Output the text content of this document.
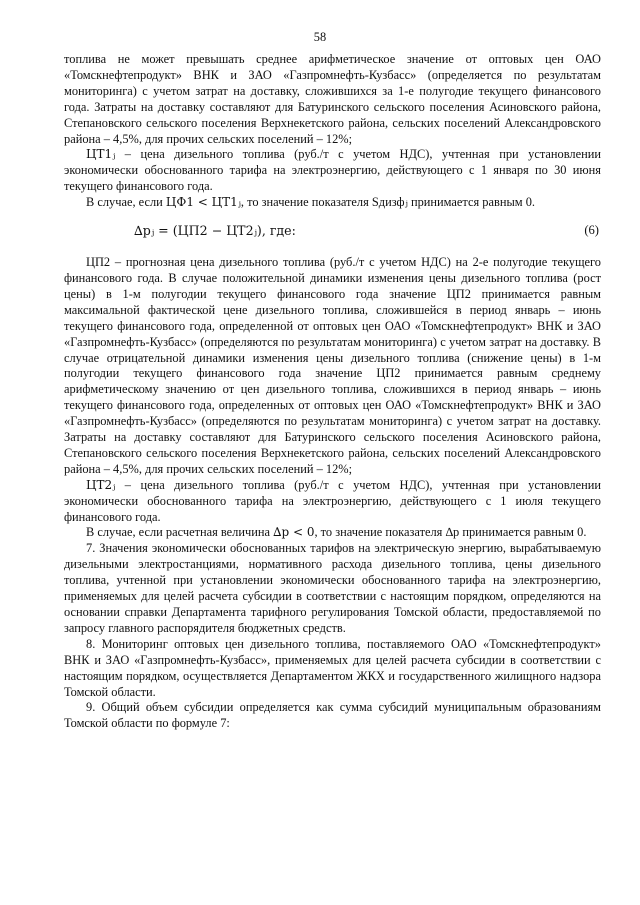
58

топлива не может превышать среднее арифметическое значение от оптовых цен ОАО «Томскнефтепродукт» ВНК и ЗАО «Газпромнефть-Кузбасс» (определяется по результатам мониторинга) с учетом затрат на доставку, сложившихся за 1-е полугодие текущего финансового года. Затраты на доставку составляют для Батуринского сельского поселения Асиновского района, Степановского сельского поселения Верхнекетского района, сельских поселений Александровского района – 4,5%, для прочих сельских поселений – 12%;

ЦТ1ⱼ – цена дизельного топлива (руб./т с учетом НДС), учтенная при установлении экономически обоснованного тарифа на электроэнергию, действующего с 1 января по 30 июня текущего финансового года.

В случае, если ЦФ1 < ЦТ1ⱼ, то значение показателя Sдизфⱼ принимается равным 0.

∆pⱼ = (ЦП2 − ЦТ2ⱼ), где:	(6)

ЦП2 – прогнозная цена дизельного топлива (руб./т с учетом НДС) на 2-е полугодие текущего финансового года. В случае положительной динамики изменения цены дизельного топлива (рост цены) в 1-м полугодии текущего финансового года значение ЦП2 принимается равным максимальной фактической цене дизельного топлива, сложившейся в период январь – июнь текущего финансового года, определенной от оптовых цен ОАО «Томскнефтепродукт» ВНК и ЗАО «Газпромнефть-Кузбасс» (определяются по результатам мониторинга) с учетом затрат на доставку. В случае отрицательной динамики изменения цены дизельного топлива (снижение цены) в 1-м полугодии текущего финансового года значение ЦП2 принимается равным среднему арифметическому значению от цен дизельного топлива, сложившихся в период январь – июнь текущего финансового года, определенных от оптовых цен ОАО «Томскнефтепродукт» ВНК и ЗАО «Газпромнефть-Кузбасс» (определяются по результатам мониторинга) с учетом затрат на доставку. Затраты на доставку составляют для Батуринского сельского поселения Асиновского района, Степановского сельского поселения Верхнекетского района, сельских поселений Александровского района – 4,5%, для прочих сельских поселений – 12%;

ЦТ2ⱼ – цена дизельного топлива (руб./т с учетом НДС), учтенная при установлении экономически обоснованного тарифа на электроэнергию, действующего с 1 июля текущего финансового года.

В случае, если расчетная величина ∆p < 0, то значение показателя ∆p принимается равным 0.

7. Значения экономически обоснованных тарифов на электрическую энергию, вырабатываемую дизельными электростанциями, нормативного расхода дизельного топлива, цены дизельного топлива, учтенной при установлении экономически обоснованного тарифа на электроэнергию, применяемых для целей расчета субсидии в соответствии с настоящим порядком, определяются на основании справки Департамента тарифного регулирования Томской области, предоставляемой по запросу главного распорядителя бюджетных средств.

8. Мониторинг оптовых цен дизельного топлива, поставляемого ОАО «Томскнефтепродукт» ВНК и ЗАО «Газпромнефть-Кузбасс», применяемых для целей расчета субсидии в соответствии с настоящим порядком, осуществляется Департаментом ЖКХ и государственного жилищного надзора Томской области.

9. Общий объем субсидии определяется как сумма субсидий муниципальным образованиям Томской области по формуле 7:
